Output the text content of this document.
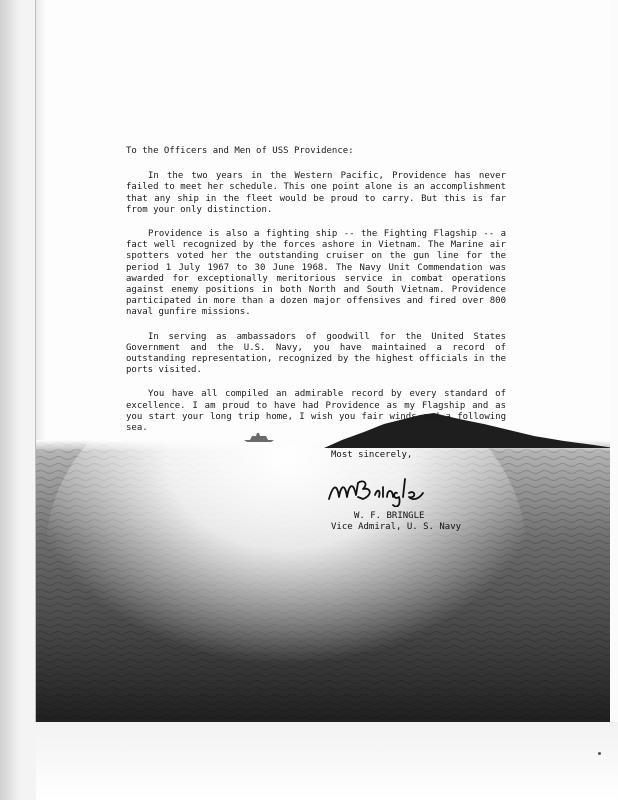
To the Officers and Men of USS Providence:

In the two years in the Western Pacific, Providence has never failed to meet her schedule. This one point alone is an accomplishment that any ship in the fleet would be proud to carry. But this is far from your only distinction.

Providence is also a fighting ship -- the Fighting Flagship -- a fact well recognized by the forces ashore in Vietnam. The Marine air spotters voted her the outstanding cruiser on the gun line for the period 1 July 1967 to 30 June 1968. The Navy Unit Commendation was awarded for exceptionally meritorious service in combat operations against enemy positions in both North and South Vietnam. Providence participated in more than a dozen major offensives and fired over 800 naval gunfire missions.

In serving as ambassadors of goodwill for the United States Government and the U.S. Navy, you have maintained a record of outstanding representation, recognized by the highest officials in the ports visited.

You have all compiled an admirable record by every standard of excellence. I am proud to have had Providence as my Flagship and as you start your long trip home, I wish you fair winds and a following sea.

Most sincerely,
W. F. BRINGLE
Vice Admiral, U. S. Navy
